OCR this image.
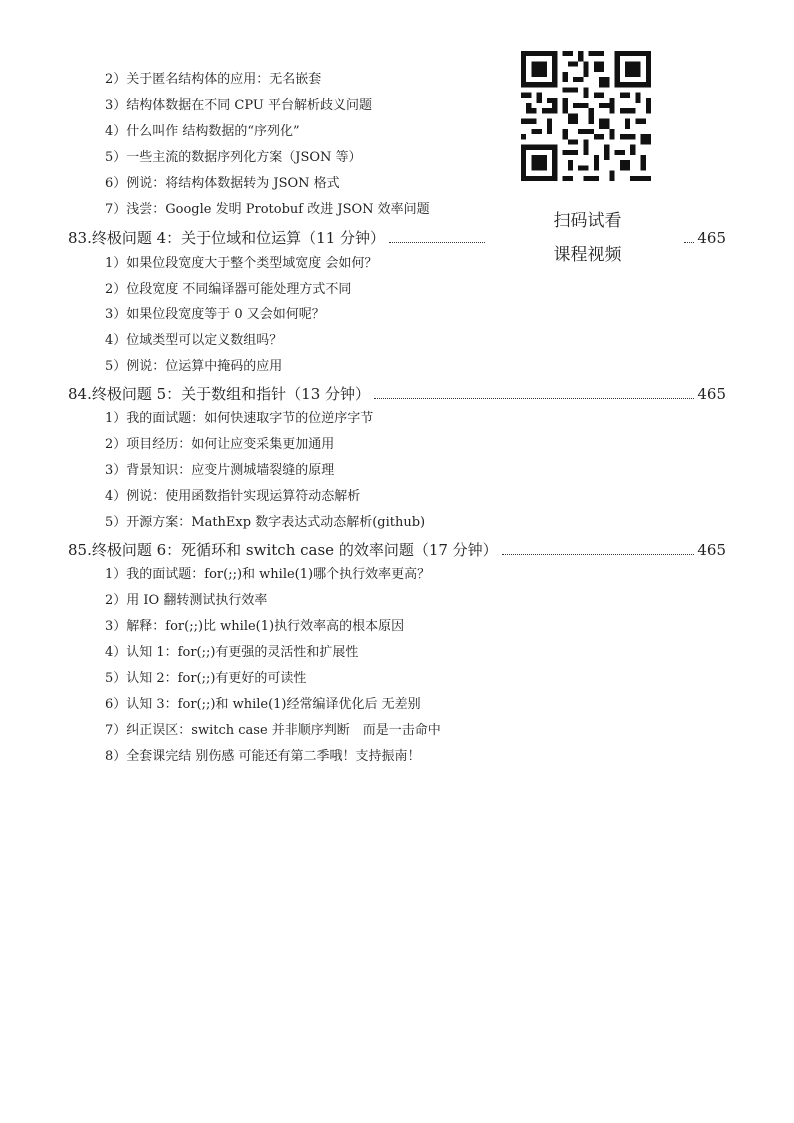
2）关于匿名结构体的应用：无名嵌套
3）结构体数据在不同 CPU 平台解析歧义问题
4）什么叫作 结构数据的“序列化”
5）一些主流的数据序列化方案（JSON 等）
6）例说：将结构体数据转为 JSON 格式
7）浅尝：Google 发明 Protobuf 改进 JSON 效率问题
83.终极问题 4：关于位域和位运算（11 分钟）	465
1）如果位段宽度大于整个类型域宽度 会如何？
2）位段宽度 不同编译器可能处理方式不同
3）如果位段宽度等于 0 又会如何呢？
4）位域类型可以定义数组吗？
5）例说：位运算中掩码的应用
84.终极问题 5：关于数组和指针（13 分钟）	465
1）我的面试题：如何快速取字节的位逆序字节
2）项目经历：如何让应变采集更加通用
3）背景知识：应变片测城墙裂缝的原理
4）例说：使用函数指针实现运算符动态解析
5）开源方案：MathExp 数字表达式动态解析(github)
85.终极问题 6：死循环和 switch case 的效率问题（17 分钟）	465
1）我的面试题：for(;;)和 while(1)哪个执行效率更高？
2）用 IO 翻转测试执行效率
3）解释：for(;;)比 while(1)执行效率高的根本原因
4）认知 1：for(;;)有更强的灵活性和扩展性
5）认知 2：for(;;)有更好的可读性
6）认知 3：for(;;)和 while(1)经常编译优化后 无差别
7）纠正误区：switch case 并非顺序判断　而是一击命中
8）全套课完结 别伤感 可能还有第二季哦！支持振南！
扫码试看
课程视频
